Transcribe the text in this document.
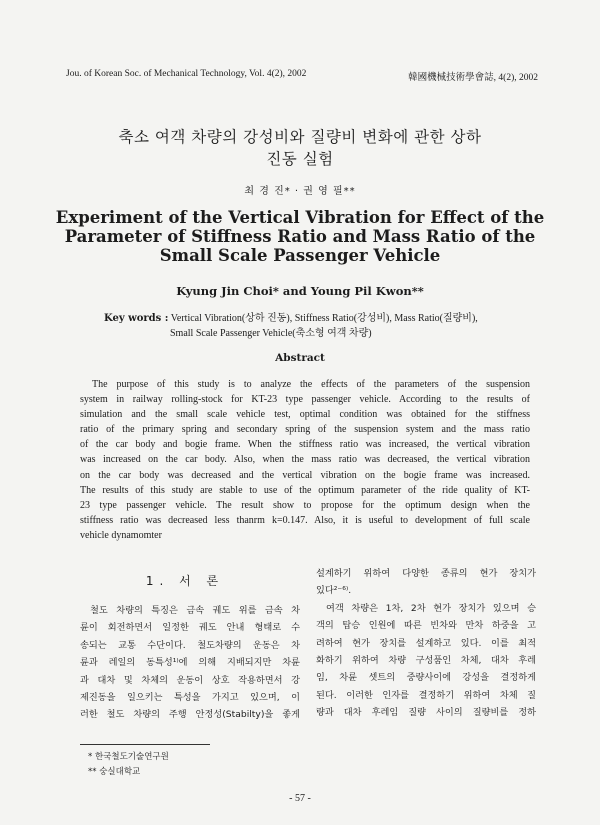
Jou. of Korean Soc. of Mechanical Technology, Vol. 4(2), 2002	韓國機械技術學會誌, 4(2), 2002
축소 여객 차량의 강성비와 질량비 변화에 관한 상하
진동 실험
최 경 진* · 권 영 필**
Experiment of the Vertical Vibration for Effect of the
Parameter of Stiffness Ratio and Mass Ratio of the
Small Scale Passenger Vehicle
Kyung Jin Choi* and Young Pil Kwon**
Key words : Vertical Vibration(상하 진동), Stiffness Ratio(강성비), Mass Ratio(질량비),
Small Scale Passenger Vehicle(축소형 여객 차량)
Abstract
The purpose of this study is to analyze the effects of the parameters of the suspension
system in railway rolling-stock for KT-23 type passenger vehicle. According to the results of
simulation and the small scale vehicle test, optimal condition was obtained for the stiffness
ratio of the primary spring and secondary spring of the suspension system and the mass ratio
of the car body and bogie frame. When the stiffness ratio was increased, the vertical vibration
was increased on the car body. Also, when the mass ratio was decreased, the vertical vibration
on the car body was decreased and the vertical vibration on the bogie frame was increased.
The results of this study are stable to use of the optimum parameter of the ride quality of KT-
23 type passenger vehicle. The result show to propose for the optimum design when the
stiffness ratio was decreased less thanrm k=0.147. Also, it is useful to development of full scale
vehicle dynamomter
1. 서 론
철도 차량의 특징은 금속 궤도 위를 금속 차
륜이 회전하면서 일정한 궤도 안내 형태로 수
송되는 교통 수단이다. 철도차량의 운동은 차
륜과 레일의 동특성¹⁾에 의해 지배되지만 차륜
과 대차 및 차체의 운동이 상호 작용하면서 강
제진동을 일으키는 특성을 가지고 있으며, 이
러한 철도 차량의 주행 안정성(Stabilty)을 좋게
설계하기 위하여 다양한 종류의 현가 장치가
있다²⁻⁶⁾.
여객 차량은 1차, 2차 현가 장치가 있으며 승
객의 탑승 인원에 따른 빈차와 만차 하중을 고
려하여 현가 장치를 설계하고 있다. 이를 최적
화하기 위하여 차량 구성품인 차체, 대차 후레
임, 차륜 셋트의 중량사이에 강성을 결정하게
된다. 이러한 인자를 결정하기 위하여 차체 질
량과 대차 후레임 질량 사이의 질량비를 정하
* 한국철도기술연구원
** 숭실대학교
- 57 -
